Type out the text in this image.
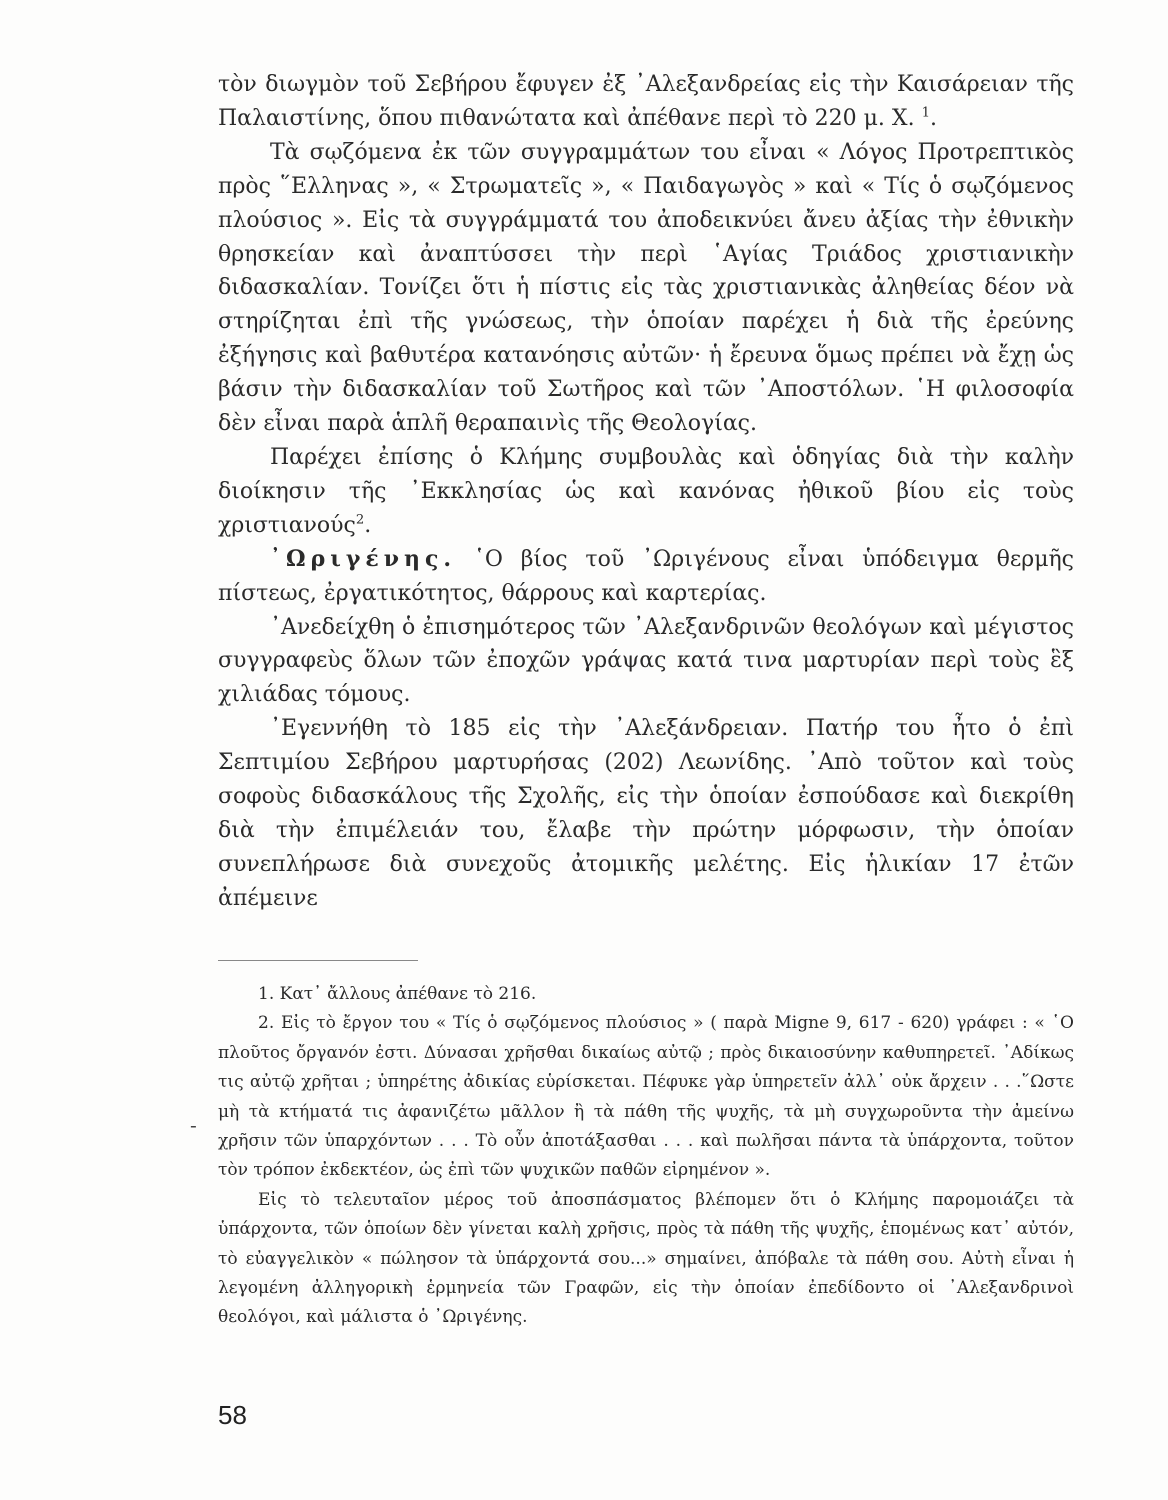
τὸν διωγμὸν τοῦ Σεβήρου ἔφυγεν ἐξ ᾿Αλεξανδρείας εἰς τὴν Καισάρειαν τῆς Παλαιστίνης, ὅπου πιθανώτατα καὶ ἀπέθανε περὶ τὸ 220 μ. Χ. $^1$.

Τὰ σῳζόμενα ἐκ τῶν συγγραμμάτων του εἶναι « Λόγος Προτρεπτικὸς πρὸς ῞Ελληνας », « Στρωματεῖς », « Παιδαγωγὸς » καὶ « Τίς ὁ σῳζόμενος πλούσιος ». Εἰς τὰ συγγράμματά του ἀποδεικνύει ἄνευ ἀξίας τὴν ἐθνικὴν θρησκείαν καὶ ἀναπτύσσει τὴν περὶ ῾Αγίας Τριάδος χριστιανικὴν διδασκαλίαν. Τονίζει ὅτι ἡ πίστις εἰς τὰς χριστιανικὰς ἀληθείας δέον νὰ στηρίζηται ἐπὶ τῆς γνώσεως, τὴν ὁποίαν παρέχει ἡ διὰ τῆς ἐρεύνης ἐξήγησις καὶ βαθυτέρα κατανόησις αὐτῶν· ἡ ἔρευνα ὅμως πρέπει νὰ ἔχῃ ὡς βάσιν τὴν διδασκαλίαν τοῦ Σωτῆρος καὶ τῶν ᾿Αποστόλων. ῾Η φιλοσοφία δὲν εἶναι παρὰ ἁπλῆ θεραπαινὶς τῆς Θεολογίας.

Παρέχει ἐπίσης ὁ Κλήμης συμβουλὰς καὶ ὁδηγίας διὰ τὴν καλὴν διοίκησιν τῆς ᾿Εκκλησίας ὡς καὶ κανόνας ἠθικοῦ βίου εἰς τοὺς χριστιανούς$^2$.

᾿Ωριγένης. ῾Ο βίος τοῦ ᾿Ωριγένους εἶναι ὑπόδειγμα θερμῆς πίστεως, ἐργατικότητος, θάρρους καὶ καρτερίας.

᾿Ανεδείχθη ὁ ἐπισημότερος τῶν ᾿Αλεξανδρινῶν θεολόγων καὶ μέγιστος συγγραφεὺς ὅλων τῶν ἐποχῶν γράψας κατά τινα μαρτυρίαν περὶ τοὺς ἓξ χιλιάδας τόμους.

᾿Εγεννήθη τὸ 185 εἰς τὴν ᾿Αλεξάνδρειαν. Πατήρ του ἦτο ὁ ἐπὶ Σεπτιμίου Σεβήρου μαρτυρήσας (202) Λεωνίδης. ᾿Απὸ τοῦτον καὶ τοὺς σοφοὺς διδασκάλους τῆς Σχολῆς, εἰς τὴν ὁποίαν ἐσπούδασε καὶ διεκρίθη διὰ τὴν ἐπιμέλειάν του, ἔλαβε τὴν πρώτην μόρφωσιν, τὴν ὁποίαν συνεπλήρωσε διὰ συνεχοῦς ἀτομικῆς μελέτης. Εἰς ἡλικίαν 17 ἐτῶν ἀπέμεινε

1. Κατ᾿ ἄλλους ἀπέθανε τὸ 216.

2. Εἰς τὸ ἔργον του « Τίς ὁ σῳζόμενος πλούσιος » ( παρὰ Migne 9, 617 - 620) γράφει : « ῾Ο πλοῦτος ὄργανόν ἐστι. Δύνασαι χρῆσθαι δικαίως αὐτῷ ; πρὸς δικαιοσύνην καθυπηρετεῖ. ᾿Αδίκως τις αὐτῷ χρῆται ; ὑπηρέτης ἀδικίας εὑρίσκεται. Πέφυκε γὰρ ὑπηρετεῖν ἀλλ᾿ οὐκ ἄρχειν . . .῞Ωστε μὴ τὰ κτήματά τις ἀφανιζέτω μᾶλλον ἢ τὰ πάθη τῆς ψυχῆς, τὰ μὴ συγχωροῦντα τὴν ἀμείνω χρῆσιν τῶν ὑπαρχόντων . . . Τὸ οὖν ἀποτάξασθαι . . . καὶ πωλῆσαι πάντα τὰ ὑπάρχοντα, τοῦτον τὸν τρόπον ἐκδεκτέον, ὡς ἐπὶ τῶν ψυχικῶν παθῶν εἰρημένον ».

Εἰς τὸ τελευταῖον μέρος τοῦ ἀποσπάσματος βλέπομεν ὅτι ὁ Κλήμης παρομοιάζει τὰ ὑπάρχοντα, τῶν ὁποίων δὲν γίνεται καλὴ χρῆσις, πρὸς τὰ πάθη τῆς ψυχῆς, ἑπομένως κατ᾿ αὐτόν, τὸ εὐαγγελικὸν « πώλησον τὰ ὑπάρχοντά σου...» σημαίνει, ἀπόβαλε τὰ πάθη σου. Αὐτὴ εἶναι ἡ λεγομένη ἀλληγορικὴ ἑρμηνεία τῶν Γραφῶν, εἰς τὴν ὁποίαν ἐπεδίδοντο οἱ ᾿Αλεξανδρινοὶ θεολόγοι, καὶ μάλιστα ὁ ᾿Ωριγένης.

-
58
